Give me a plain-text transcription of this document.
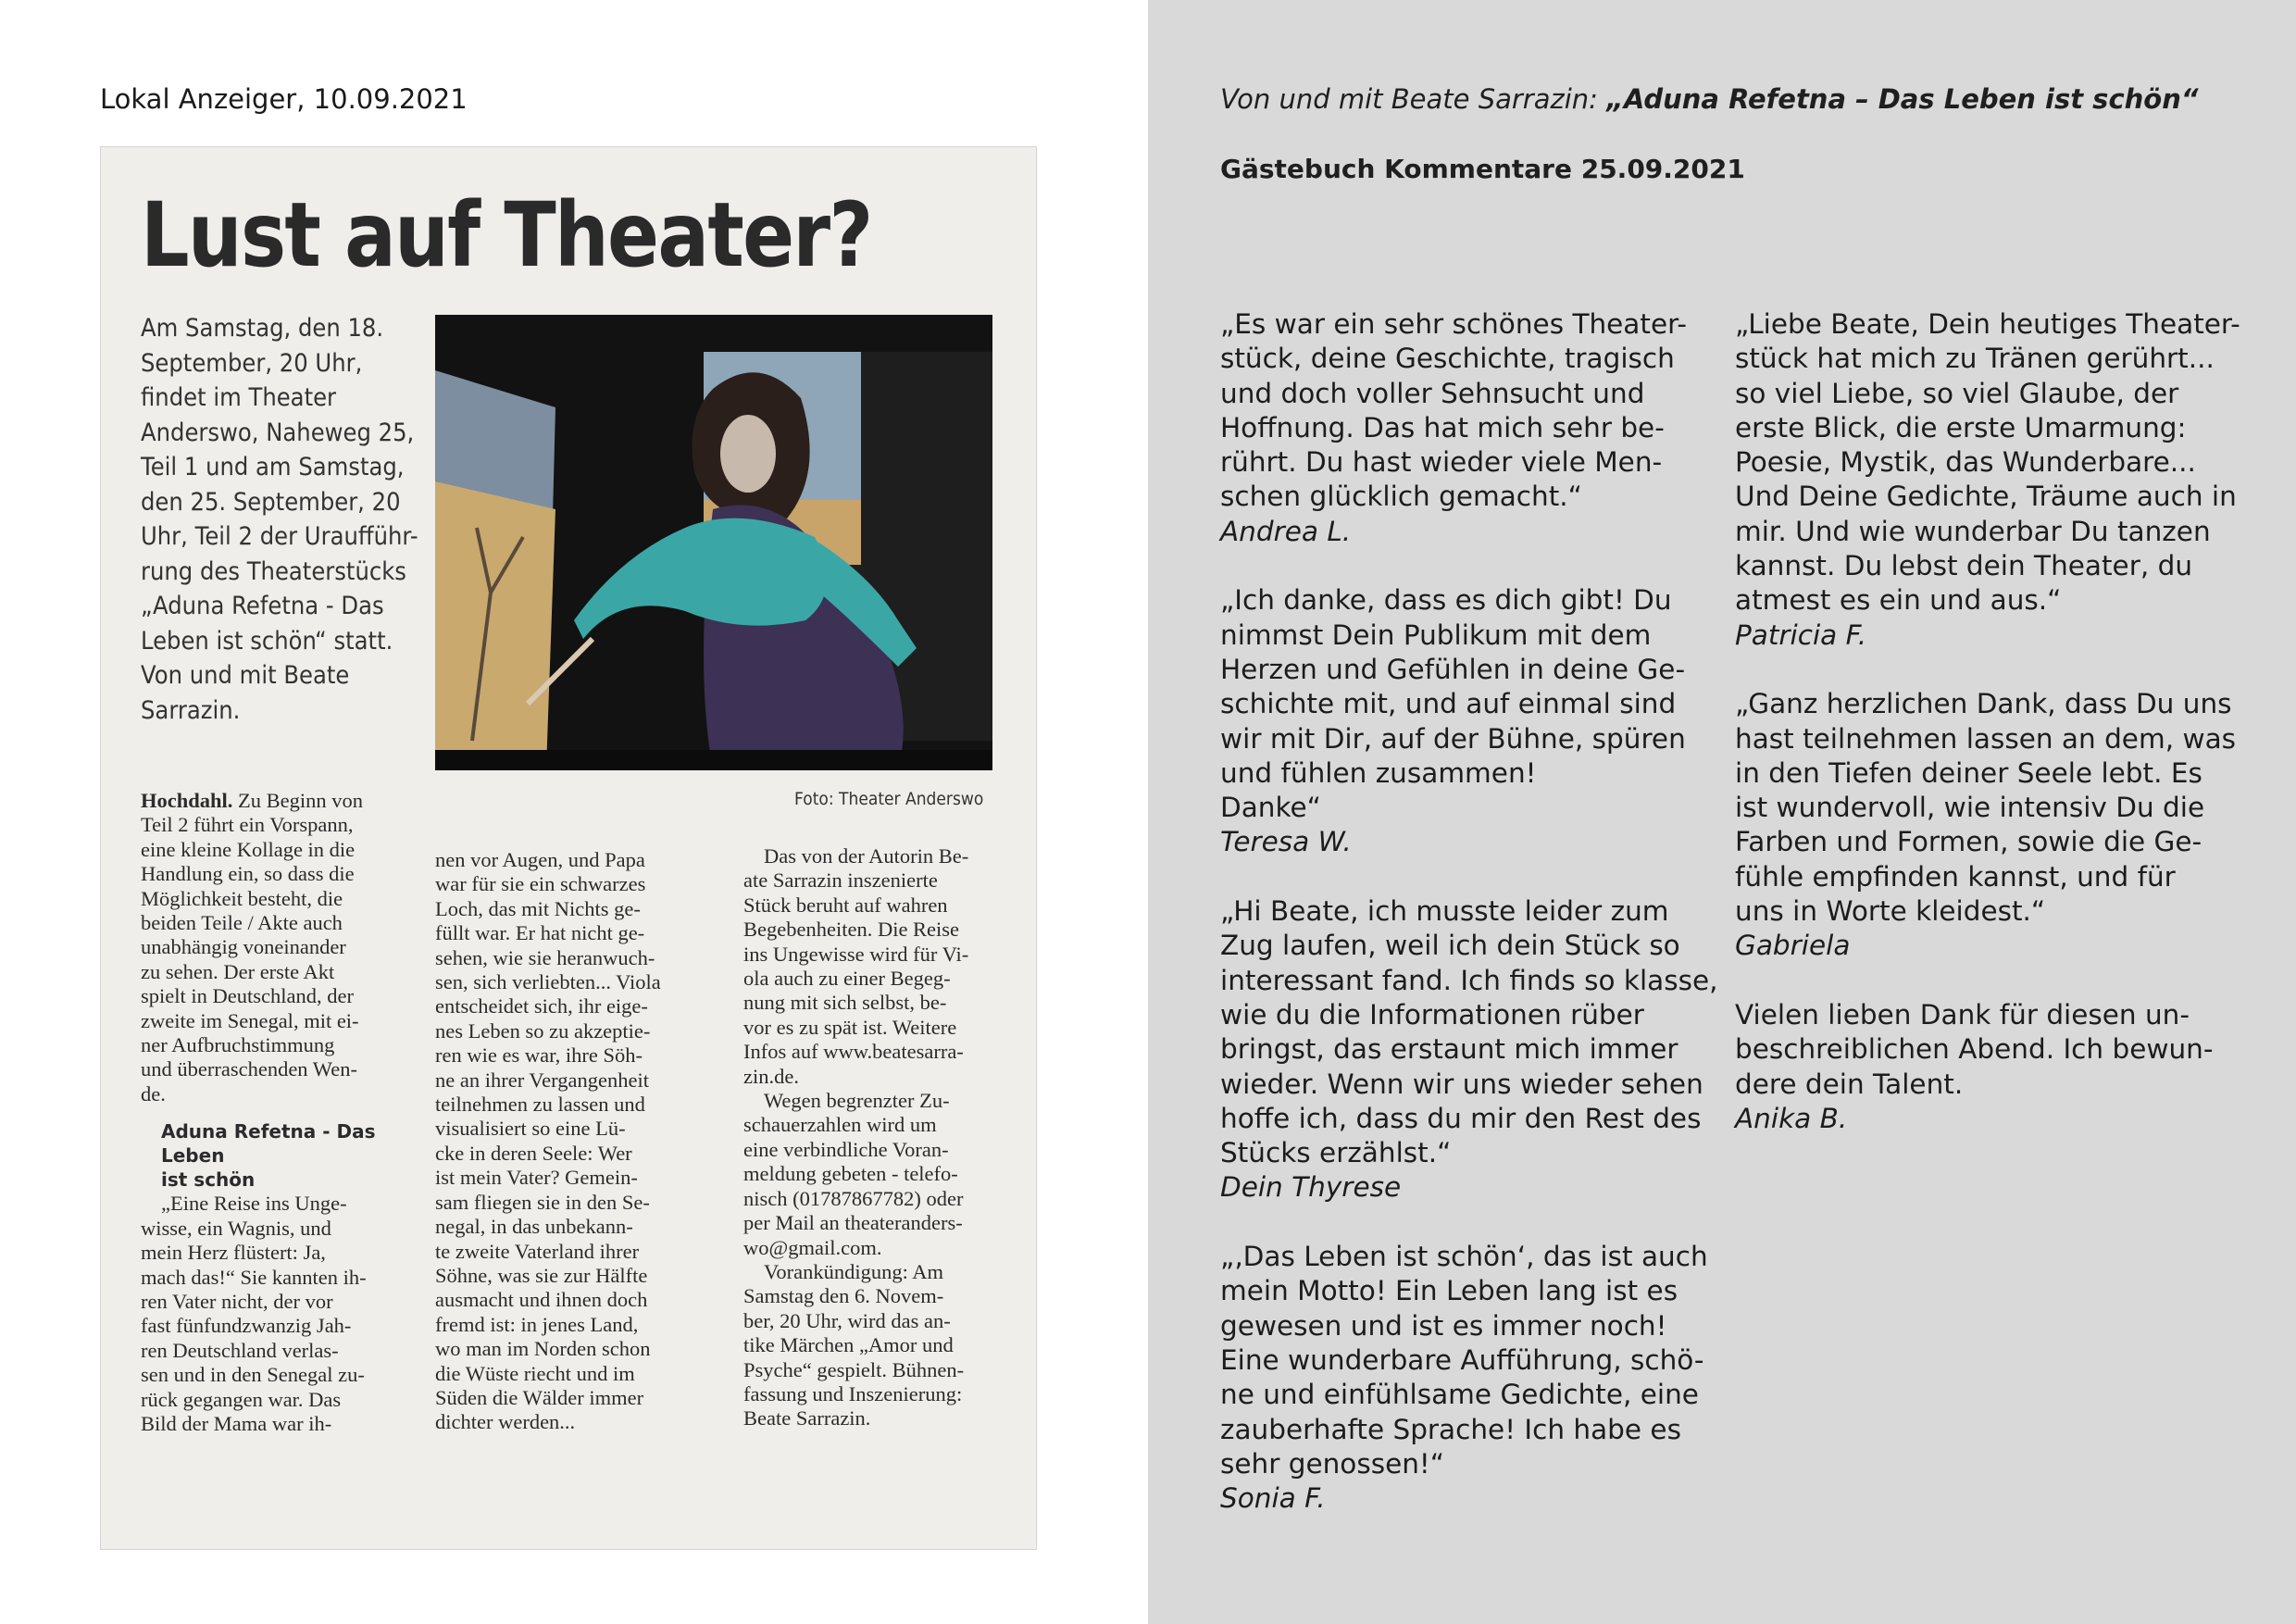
Lokal Anzeiger, 10.09.2021
Lust auf Theater?

Am Samstag, den 18.
September, 20 Uhr,
findet im Theater
Anderswo, Naheweg 25,
Teil 1 und am Samstag,
den 25. September, 20
Uhr, Teil 2 der Uraufführ-
rung des Theaterstücks
„Aduna Refetna - Das
Leben ist schön“ statt.
Von und mit Beate
Sarrazin.

Foto: Theater Anderswo

Hochdahl. Zu Beginn von
Teil 2 führt ein Vorspann,
eine kleine Kollage in die
Handlung ein, so dass die
Möglichkeit besteht, die
beiden Teile / Akte auch
unabhängig voneinander
zu sehen. Der erste Akt
spielt in Deutschland, der
zweite im Senegal, mit ei-
ner Aufbruchstimmung
und überraschenden Wen-
de.

Aduna Refetna - Das Leben
ist schön

„Eine Reise ins Unge-
wisse, ein Wagnis, und
mein Herz flüstert: Ja,
mach das!“ Sie kannten ih-
ren Vater nicht, der vor
fast fünfundzwanzig Jah-
ren Deutschland verlas-
sen und in den Senegal zu-
rück gegangen war. Das
Bild der Mama war ih-

nen vor Augen, und Papa
war für sie ein schwarzes
Loch, das mit Nichts ge-
füllt war. Er hat nicht ge-
sehen, wie sie heranwuch-
sen, sich verliebten... Viola
entscheidet sich, ihr eige-
nes Leben so zu akzeptie-
ren wie es war, ihre Söh-
ne an ihrer Vergangenheit
teilnehmen zu lassen und
visualisiert so eine Lü-
cke in deren Seele: Wer
ist mein Vater? Gemein-
sam fliegen sie in den Se-
negal, in das unbekann-
te zweite Vaterland ihrer
Söhne, was sie zur Hälfte
ausmacht und ihnen doch
fremd ist: in jenes Land,
wo man im Norden schon
die Wüste riecht und im
Süden die Wälder immer
dichter werden...

Das von der Autorin Be-
ate Sarrazin inszenierte
Stück beruht auf wahren
Begebenheiten. Die Reise
ins Ungewisse wird für Vi-
ola auch zu einer Begeg-
nung mit sich selbst, be-
vor es zu spät ist. Weitere
Infos auf www.beatesarra-
zin.de.

Wegen begrenzter Zu-
schauerzahlen wird um
eine verbindliche Voran-
meldung gebeten - telefo-
nisch (01787867782) oder
per Mail an theateranders-
wo@gmail.com.

Vorankündigung: Am
Samstag den 6. Novem-
ber, 20 Uhr, wird das an-
tike Märchen „Amor und
Psyche“ gespielt. Bühnen-
fassung und Inszenierung:
Beate Sarrazin.

Von und mit Beate Sarrazin: „Aduna Refetna – Das Leben ist schön“
Gästebuch Kommentare 25.09.2021
„Es war ein sehr schönes Theater-
stück, deine Geschichte, tragisch
und doch voller Sehnsucht und
Hoffnung. Das hat mich sehr be-
rührt. Du hast wieder viele Men-
schen glücklich gemacht.“
Andrea L.
„Ich danke, dass es dich gibt! Du
nimmst Dein Publikum mit dem
Herzen und Gefühlen in deine Ge-
schichte mit, und auf einmal sind
wir mit Dir, auf der Bühne, spüren
und fühlen zusammen!
Danke“
Teresa W.
„Hi Beate, ich musste leider zum
Zug laufen, weil ich dein Stück so
interessant fand. Ich finds so klasse,
wie du die Informationen rüber
bringst, das erstaunt mich immer
wieder. Wenn wir uns wieder sehen
hoffe ich, dass du mir den Rest des
Stücks erzählst.“
Dein Thyrese
„‚Das Leben ist schön‘, das ist auch
mein Motto! Ein Leben lang ist es
gewesen und ist es immer noch!
Eine wunderbare Aufführung, schö-
ne und einfühlsame Gedichte, eine
zauberhafte Sprache! Ich habe es
sehr genossen!“
Sonia F.
„Liebe Beate, Dein heutiges Theater-
stück hat mich zu Tränen gerührt...
so viel Liebe, so viel Glaube, der
erste Blick, die erste Umarmung:
Poesie, Mystik, das Wunderbare...
Und Deine Gedichte, Träume auch in
mir. Und wie wunderbar Du tanzen
kannst. Du lebst dein Theater, du
atmest es ein und aus.“
Patricia F.
„Ganz herzlichen Dank, dass Du uns
hast teilnehmen lassen an dem, was
in den Tiefen deiner Seele lebt. Es
ist wundervoll, wie intensiv Du die
Farben und Formen, sowie die Ge-
fühle empfinden kannst, und für
uns in Worte kleidest.“
Gabriela
Vielen lieben Dank für diesen un-
beschreiblichen Abend. Ich bewun-
dere dein Talent.
Anika B.
